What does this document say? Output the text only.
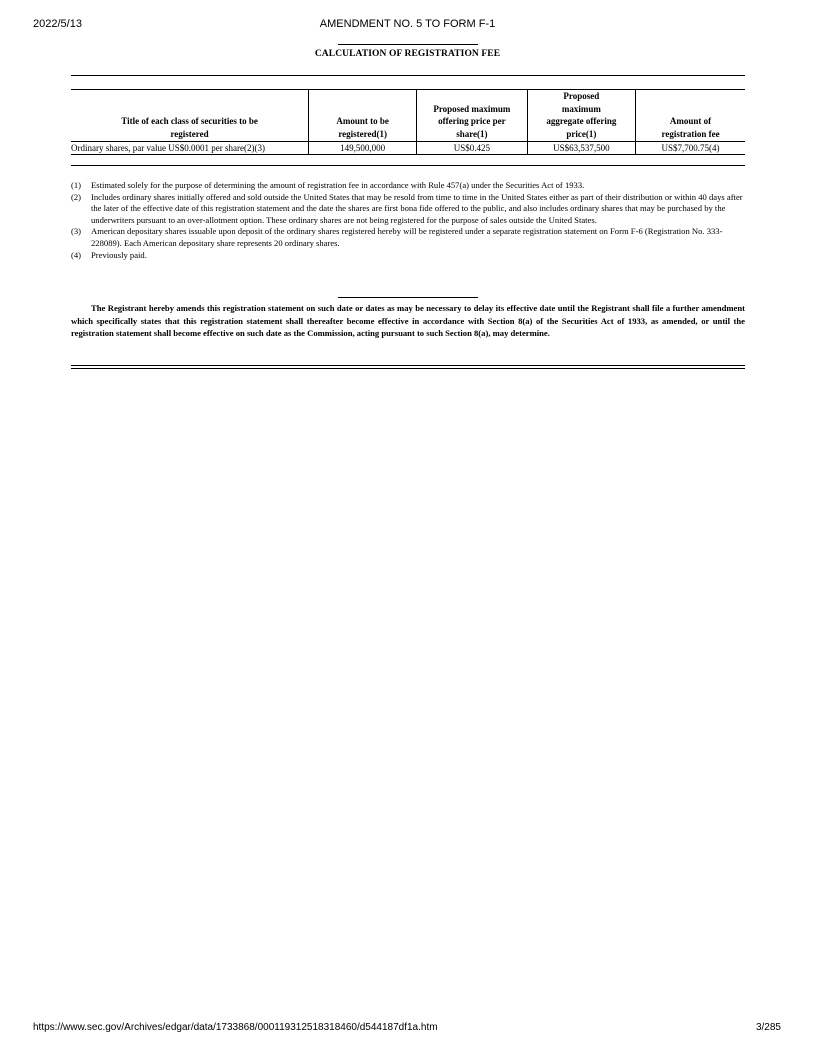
2022/5/13	AMENDMENT NO. 5 TO FORM F-1
CALCULATION OF REGISTRATION FEE
Title of each class of securities to be registered	Amount to be registered(1)	Proposed maximum offering price per share(1)	Proposed maximum aggregate offering price(1)	Amount of registration fee

Ordinary shares, par value US$0.0001 per share(2)(3)	149,500,000	US$0.425	US$63,537,500	US$7,700.75(4)
(1)	Estimated solely for the purpose of determining the amount of registration fee in accordance with Rule 457(a) under the Securities Act of 1933.
(2)	Includes ordinary shares initially offered and sold outside the United States that may be resold from time to time in the United States either as part of their distribution or within 40 days after the later of the effective date of this registration statement and the date the shares are first bona fide offered to the public, and also includes ordinary shares that may be purchased by the underwriters pursuant to an over-allotment option. These ordinary shares are not being registered for the purpose of sales outside the United States.
(3)	American depositary shares issuable upon deposit of the ordinary shares registered hereby will be registered under a separate registration statement on Form F-6 (Registration No. 333-228089). Each American depositary share represents 20 ordinary shares.
(4)	Previously paid.
The Registrant hereby amends this registration statement on such date or dates as may be necessary to delay its effective date until the Registrant shall file a further amendment which specifically states that this registration statement shall thereafter become effective in accordance with Section 8(a) of the Securities Act of 1933, as amended, or until the registration statement shall become effective on such date as the Commission, acting pursuant to such Section 8(a), may determine.
https://www.sec.gov/Archives/edgar/data/1733868/000119312518318460/d544187df1a.htm	3/285
